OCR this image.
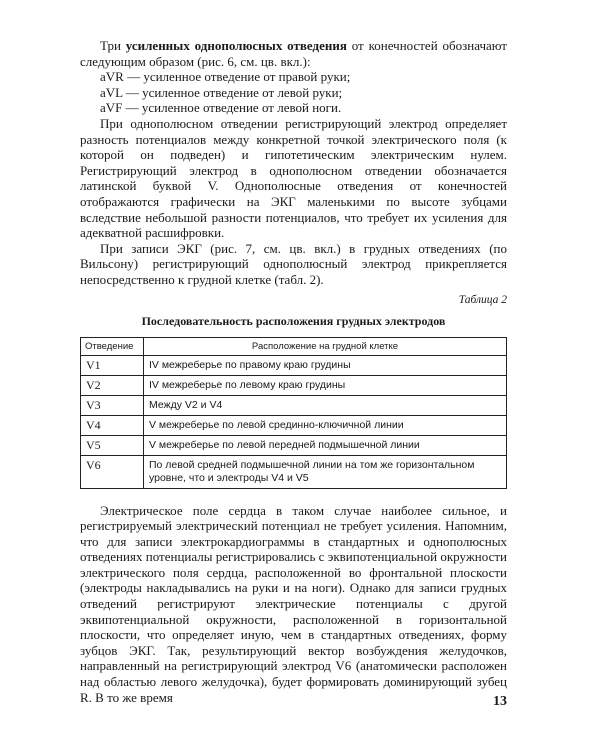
Три усиленных однополюсных отведения от конечностей обозначают следующим образом (рис. 6, см. цв. вкл.):

aVR — усиленное отведение от правой руки;

aVL — усиленное отведение от левой руки;

aVF — усиленное отведение от левой ноги.

При однополюсном отведении регистрирующий электрод определяет разность потенциалов между конкретной точкой электрического поля (к которой он подведен) и гипотетическим электрическим нулем. Регистрирующий электрод в однополюсном отведении обозначается латинской буквой V. Однополюсные отведения от конечностей отображаются графически на ЭКГ маленькими по высоте зубцами вследствие небольшой разности потенциалов, что требует их усиления для адекватной расшифровки.

При записи ЭКГ (рис. 7, см. цв. вкл.) в грудных отведениях (по Вильсону) регистрирующий однополюсный электрод прикрепляется непосредственно к грудной клетке (табл. 2).

Таблица 2
Последовательность расположения грудных электродов
Отведение	Расположение на грудной клетке
V1	IV межреберье по правому краю грудины
V2	IV межреберье по левому краю грудины
V3	Между V2 и V4
V4	V межреберье по левой срединно-ключичной линии
V5	V межреберье по левой передней подмышечной линии
V6	По левой средней подмышечной линии на том же горизонтальном уровне, что и электроды V4 и V5

Электрическое поле сердца в таком случае наиболее сильное, и регистрируемый электрический потенциал не требует усиления. Напомним, что для записи электрокардиограммы в стандартных и однополюсных отведениях потенциалы регистрировались с эквипотенциальной окружности электрического поля сердца, расположенной во фронтальной плоскости (электроды накладывались на руки и на ноги). Однако для записи грудных отведений регистрируют электрические потенциалы с другой эквипотенциальной окружности, расположенной в горизонтальной плоскости, что определяет иную, чем в стандартных отведениях, форму зубцов ЭКГ. Так, результирующий вектор возбуждения желудочков, направленный на регистрирующий электрод V6 (анатомически расположен над областью левого желудочка), будет формировать доминирующий зубец R. В то же время	13
